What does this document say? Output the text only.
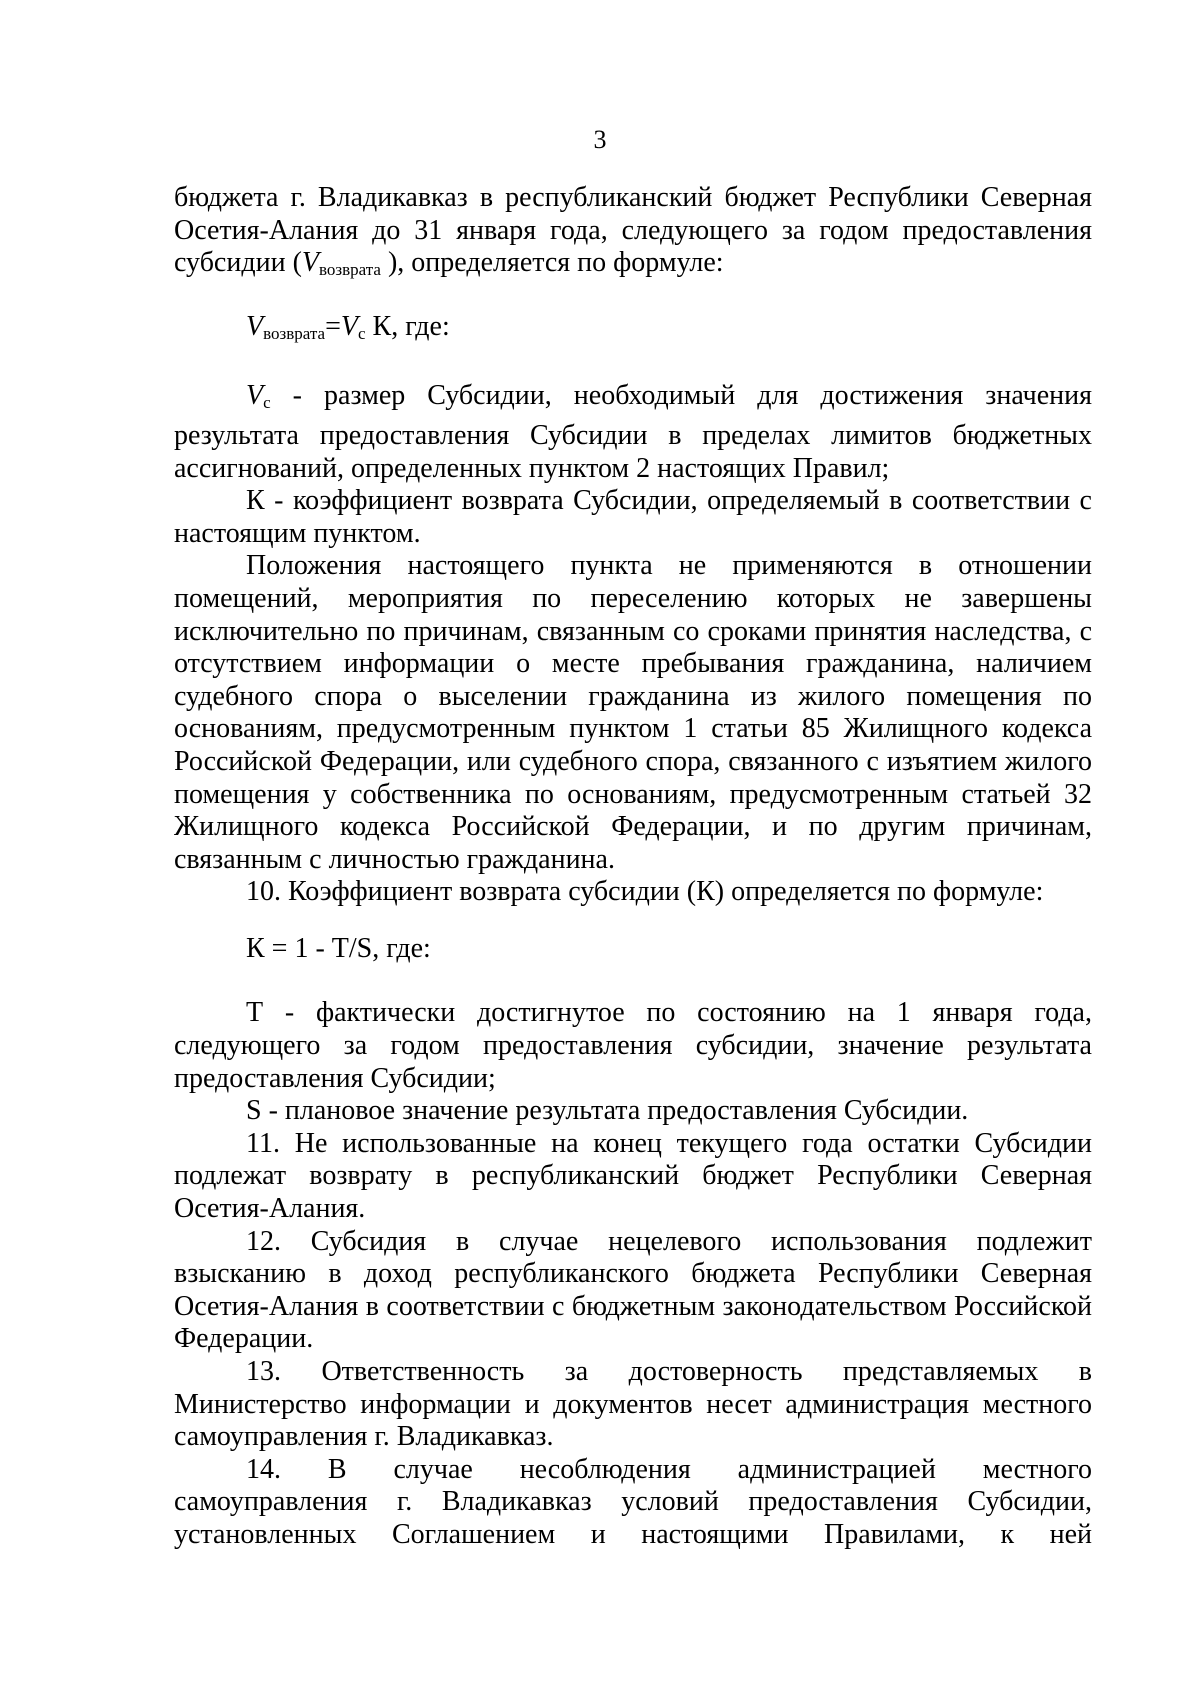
3

бюджета г. Владикавказ в республиканский бюджет Республики Северная Осетия-Алания до 31 января года, следующего за годом предоставления субсидии ($V_{возврата}$ ), определяется по формуле:

$V_{возврата}=V_с$ К, где:

$V_с$ - размер Субсидии, необходимый для достижения значения результата предоставления Субсидии в пределах лимитов бюджетных ассигнований, определенных пунктом 2 настоящих Правил;

К - коэффициент возврата Субсидии, определяемый в соответствии с настоящим пунктом.

Положения настоящего пункта не применяются в отношении помещений, мероприятия по переселению которых не завершены исключительно по причинам, связанным со сроками принятия наследства, с отсутствием информации о месте пребывания гражданина, наличием судебного спора о выселении гражданина из жилого помещения по основаниям, предусмотренным пунктом 1 статьи 85 Жилищного кодекса Российской Федерации, или судебного спора, связанного с изъятием жилого помещения у собственника по основаниям, предусмотренным статьей 32 Жилищного кодекса Российской Федерации, и по другим причинам, связанным с личностью гражданина.

10. Коэффициент возврата субсидии (К) определяется по формуле:

К = 1 - T/S, где:

Т - фактически достигнутое по состоянию на 1 января года, следующего за годом предоставления субсидии, значение результата предоставления Субсидии;

S - плановое значение результата предоставления Субсидии.

11. Не использованные на конец текущего года остатки Субсидии подлежат возврату в республиканский бюджет Республики Северная Осетия-Алания.

12. Субсидия в случае нецелевого использования подлежит взысканию в доход республиканского бюджета Республики Северная Осетия-Алания в соответствии с бюджетным законодательством Российской Федерации.

13. Ответственность за достоверность представляемых в Министерство информации и документов несет администрация местного самоуправления г. Владикавказ.

14. В случае несоблюдения администрацией местного самоуправления г. Владикавказ условий предоставления Субсидии, установленных Соглашением и настоящими Правилами, к ней
